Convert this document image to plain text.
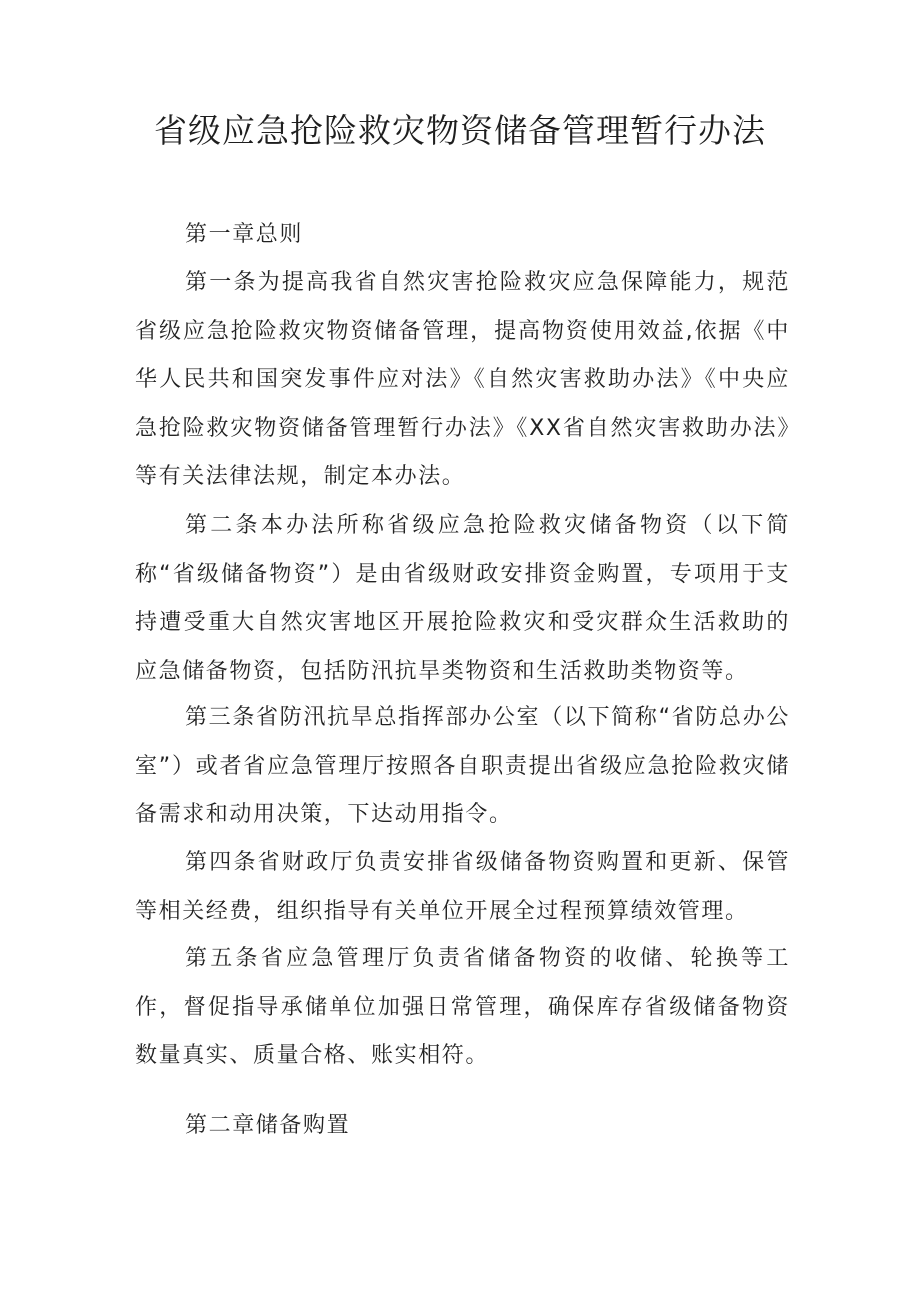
省级应急抢险救灾物资储备管理暂行办法
第一章总则

第一条为提高我省自然灾害抢险救灾应急保障能力，规范省级应急抢险救灾物资储备管理，提高物资使用效益,依据《中华人民共和国突发事件应对法》《自然灾害救助办法》《中央应急抢险救灾物资储备管理暂行办法》《XX省自然灾害救助办法》等有关法律法规，制定本办法。

第二条本办法所称省级应急抢险救灾储备物资（以下简称“省级储备物资”）是由省级财政安排资金购置，专项用于支持遭受重大自然灾害地区开展抢险救灾和受灾群众生活救助的应急储备物资，包括防汛抗旱类物资和生活救助类物资等。

第三条省防汛抗旱总指挥部办公室（以下简称“省防总办公室”）或者省应急管理厅按照各自职责提出省级应急抢险救灾储备需求和动用决策，下达动用指令。

第四条省财政厅负责安排省级储备物资购置和更新、保管等相关经费，组织指导有关单位开展全过程预算绩效管理。

第五条省应急管理厅负责省储备物资的收储、轮换等工作，督促指导承储单位加强日常管理，确保库存省级储备物资数量真实、质量合格、账实相符。

第二章储备购置
